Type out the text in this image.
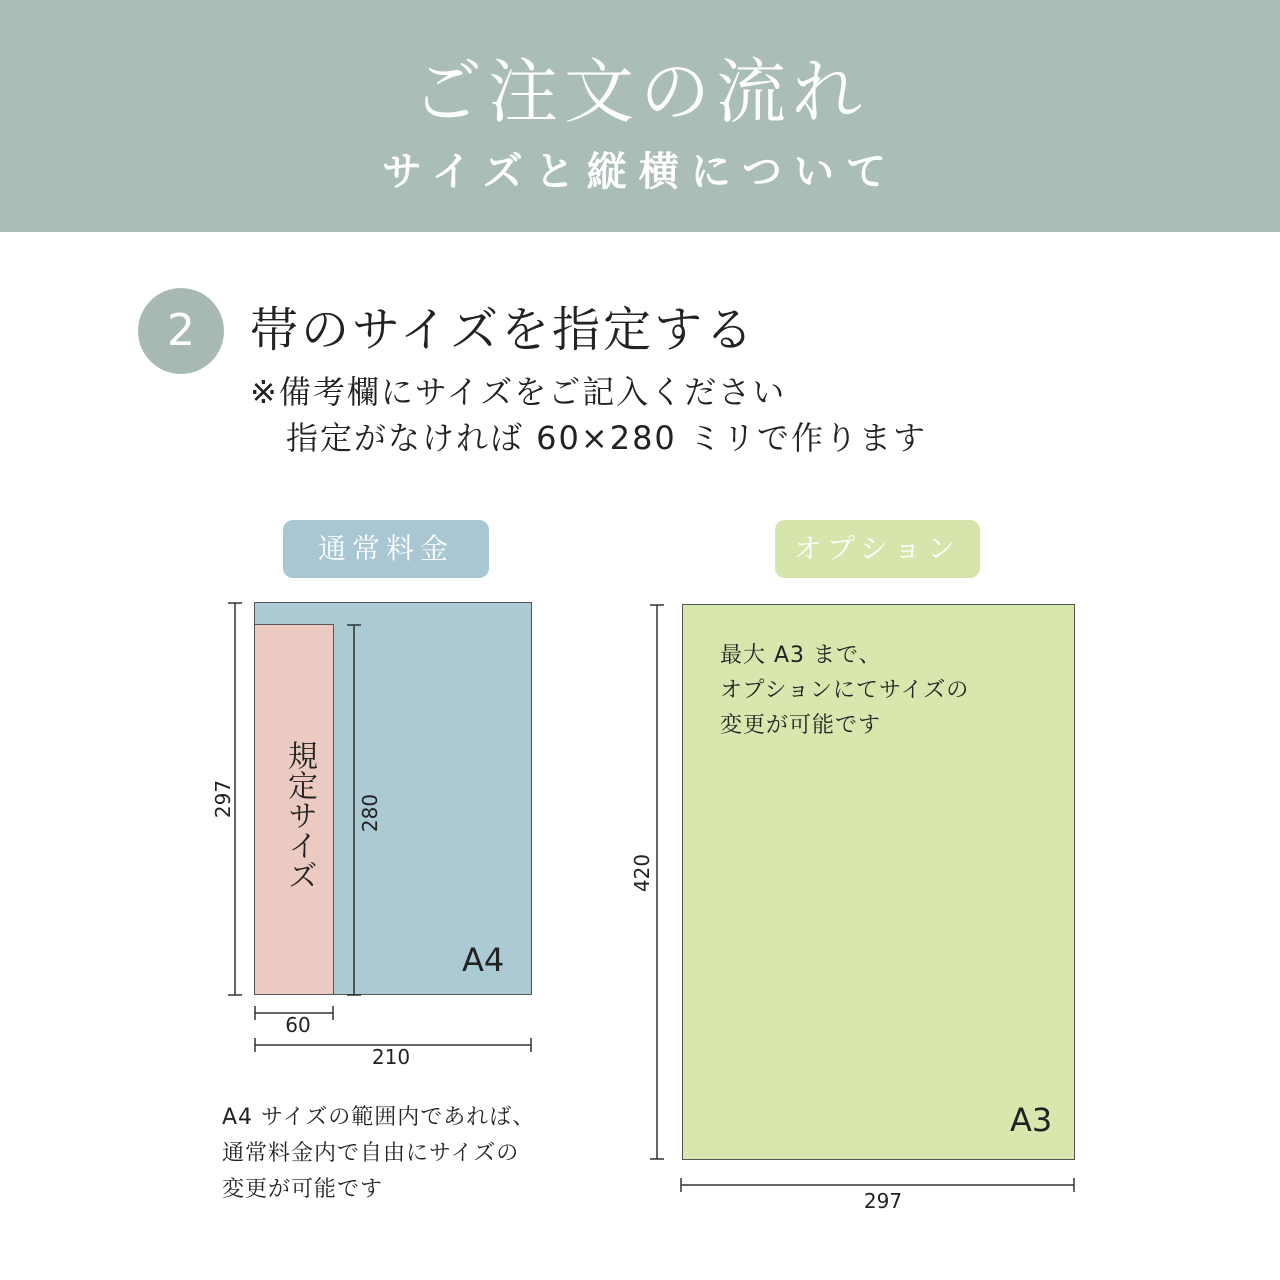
ご注文の流れ
サイズと縦横について
2	帯のサイズを指定する
※備考欄にサイズをご記入ください
指定がなければ 60×280 ミリで作ります
通常料金	オプション
規定サイズ
A4
A3
最大 A3 まで、
オプションにてサイズの
変更が可能です
297	280
60
210
420
297
A4 サイズの範囲内であれば、
通常料金内で自由にサイズの
変更が可能です
